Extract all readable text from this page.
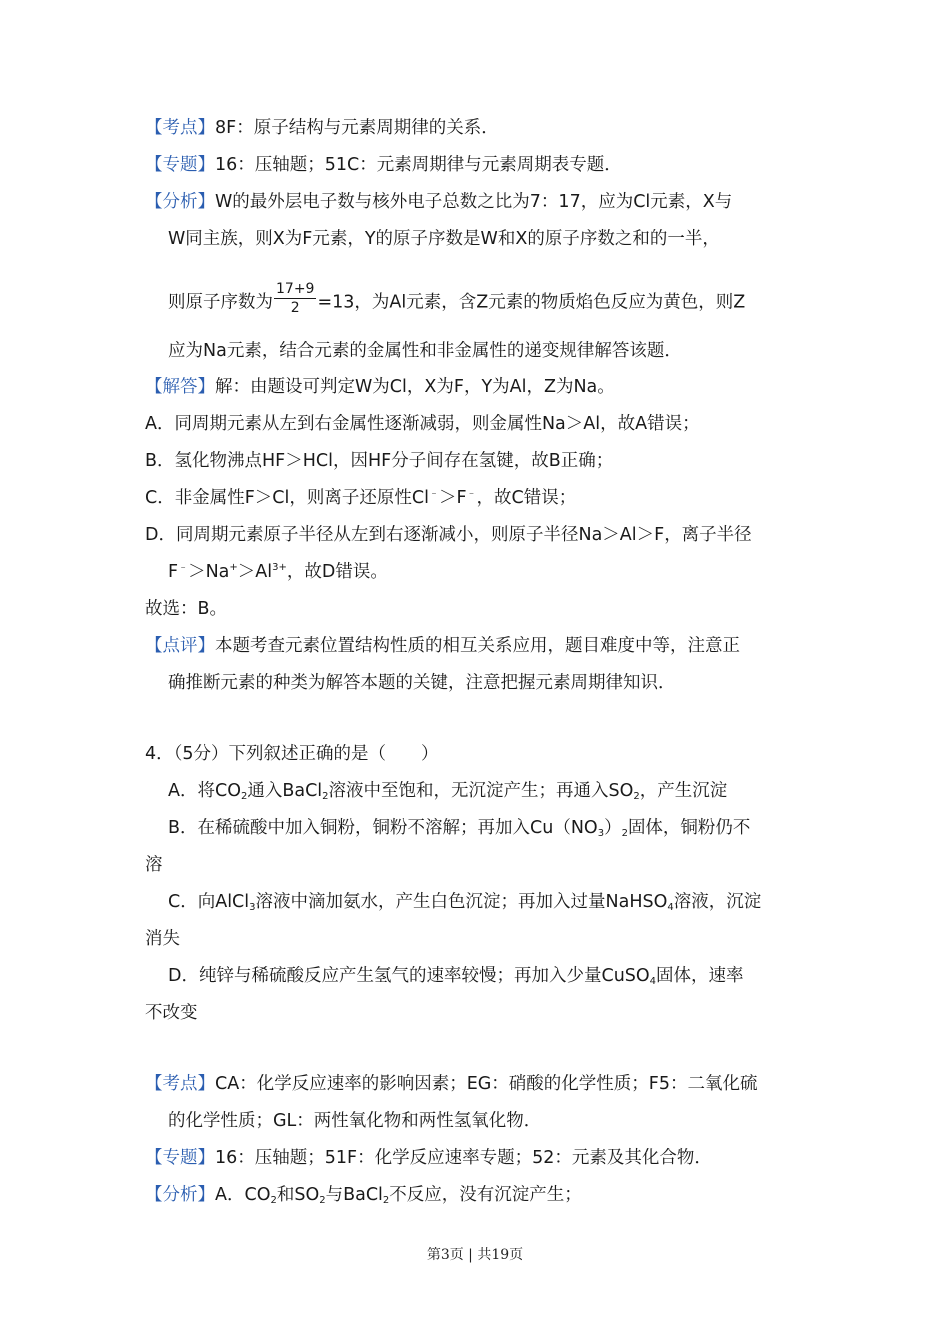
【考点】8F：原子结构与元素周期律的关系．
【专题】16：压轴题；51C：元素周期律与元素周期表专题．
【分析】W的最外层电子数与核外电子总数之比为7：17，应为Cl元素，X与
W同主族，则X为F元素，Y的原子序数是W和X的原子序数之和的一半，
则原子序数为 $\frac{17+9}{2} =13$，为Al元素，含Z元素的物质焰色反应为黄色，则Z
应为Na元素，结合元素的金属性和非金属性的递变规律解答该题．
【解答】解：由题设可判定W为Cl，X为F，Y为Al，Z为Na。
A．同周期元素从左到右金属性逐渐减弱，则金属性Na＞Al，故A错误；
B．氢化物沸点HF＞HCl，因HF分子间存在氢键，故B正确；
C．非金属性F＞Cl，则离子还原性Cl﹣＞F﹣，故C错误；
D．同周期元素原子半径从左到右逐渐减小，则原子半径Na＞Al＞F，离子半径
$F^﹣>Na^+>Al^{3+}$，故D错误。
故选：B。
【点评】本题考查元素位置结构性质的相互关系应用，题目难度中等，注意正
确推断元素的种类为解答本题的关键，注意把握元素周期律知识．
4．（5分）下列叙述正确的是（　　）
A．将$CO_2$通入BaCl$_2$溶液中至饱和，无沉淀产生；再通入$SO_2$，产生沉淀
B．在稀硫酸中加入铜粉，铜粉不溶解；再加入$Cu(NO_3)_2$固体，铜粉仍不
溶
C．向AlCl$_3$溶液中滴加氨水，产生白色沉淀；再加入过量NaHSO$_4$溶液，沉淀
消失
D．纯锌与稀硫酸反应产生氢气的速率较慢；再加入少量CuSO$_4$固体，速率
不改变
【考点】CA：化学反应速率的影响因素；EG：硝酸的化学性质；F5：二氧化硫
的化学性质；GL：两性氧化物和两性氢氧化物．
【专题】16：压轴题；51F：化学反应速率专题；52：元素及其化合物．
【分析】A．$CO_2$和$SO_2$与BaCl$_2$不反应，没有沉淀产生；
第3页 | 共19页
